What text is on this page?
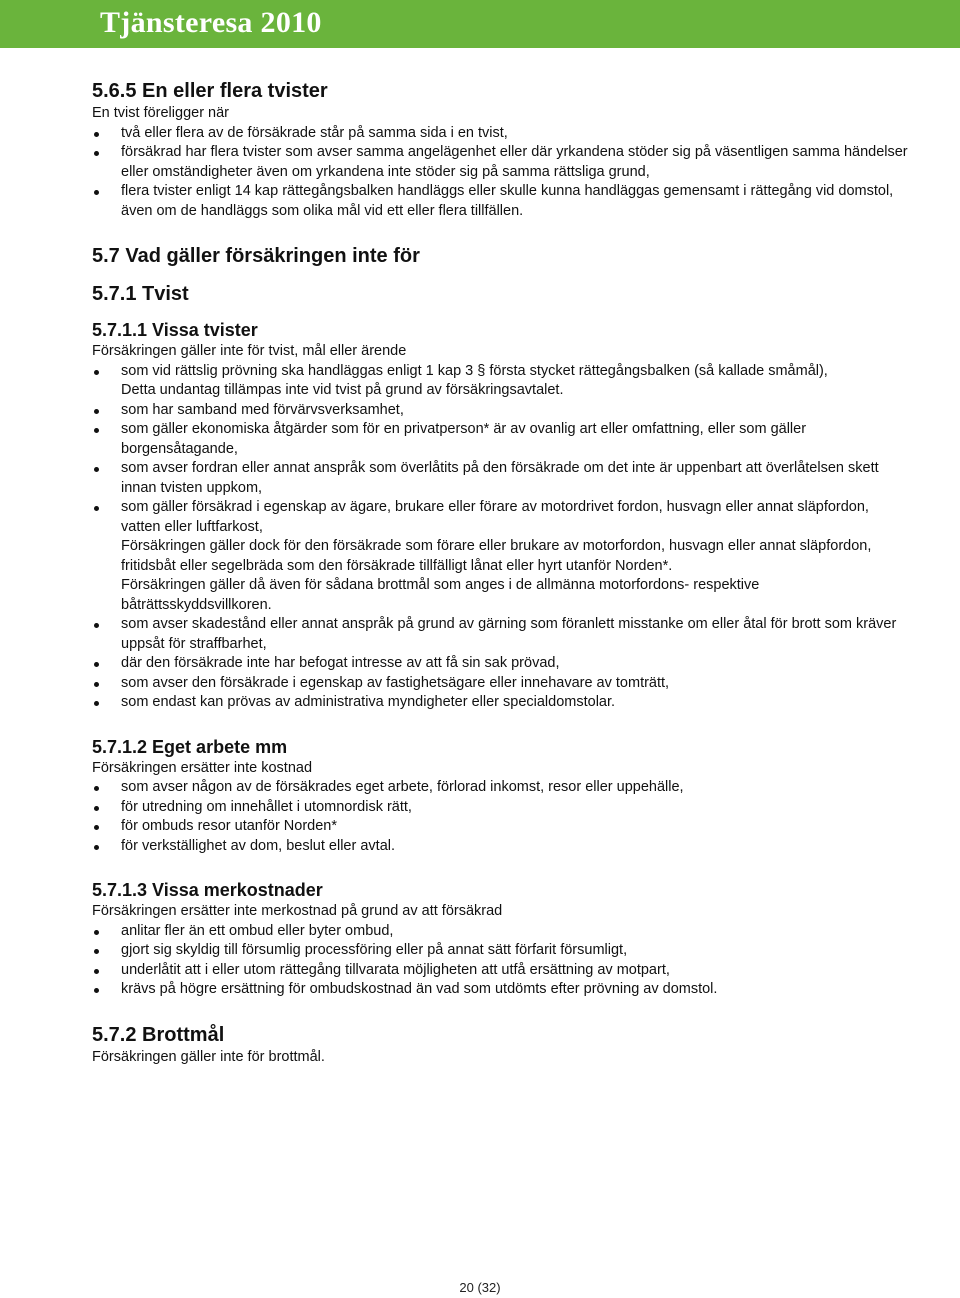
Tjänsteresa 2010
5.6.5 En eller flera tvister

En tvist föreligger när

två eller flera av de försäkrade står på samma sida i en tvist,
försäkrad har flera tvister som avser samma angelägenhet eller där yrkandena stöder sig på väsentligen samma händelser eller omständigheter även om yrkandena inte stöder sig på samma rättsliga grund,
flera tvister enligt 14 kap rättegångsbalken handläggs eller skulle kunna handläggas gemensamt i rättegång vid domstol, även om de handläggs som olika mål vid ett eller flera tillfällen.
5.7 Vad gäller försäkringen inte för
5.7.1 Tvist
5.7.1.1 Vissa tvister

Försäkringen gäller inte för tvist, mål eller ärende

som vid rättslig prövning ska handläggas enligt 1 kap 3 § första stycket rättegångsbalken (så kallade småmål),
Detta undantag tillämpas inte vid tvist på grund av försäkringsavtalet.
som har samband med förvärvsverksamhet,
som gäller ekonomiska åtgärder som för en privatperson* är av ovanlig art eller omfattning, eller som gäller borgensåtagande,
som avser fordran eller annat anspråk som överlåtits på den försäkrade om det inte är uppenbart att överlåtelsen skett innan tvisten uppkom,
som gäller försäkrad i egenskap av ägare, brukare eller förare av motordrivet fordon, husvagn eller annat släpfordon, vatten eller luftfarkost,
Försäkringen gäller dock för den försäkrade som förare eller brukare av motorfordon, husvagn eller annat släpfordon, fritidsbåt eller segelbräda som den försäkrade tillfälligt lånat eller hyrt utanför Norden*.
Försäkringen gäller då även för sådana brottmål som anges i de allmänna motorfordons- respektive båträttsskyddsvillkoren.
som avser skadestånd eller annat anspråk på grund av gärning som föranlett misstanke om eller åtal för brott som kräver uppsåt för straffbarhet,
där den försäkrade inte har befogat intresse av att få sin sak prövad,
som avser den försäkrade i egenskap av fastighetsägare eller innehavare av tomträtt,
som endast kan prövas av administrativa myndigheter eller specialdomstolar.
5.7.1.2 Eget arbete mm

Försäkringen ersätter inte kostnad

som avser någon av de försäkrades eget arbete, förlorad inkomst, resor eller uppehälle,
för utredning om innehållet i utomnordisk rätt,
för ombuds resor utanför Norden*
för verkställighet av dom, beslut eller avtal.
5.7.1.3 Vissa merkostnader

Försäkringen ersätter inte merkostnad på grund av att försäkrad

anlitar fler än ett ombud eller byter ombud,
gjort sig skyldig till försumlig processföring eller på annat sätt förfarit försumligt,
underlåtit att i eller utom rättegång tillvarata möjligheten att utfå ersättning av motpart,
krävs på högre ersättning för ombudskostnad än vad som utdömts efter prövning av domstol.
5.7.2 Brottmål

Försäkringen gäller inte för brottmål.

20 (32)
